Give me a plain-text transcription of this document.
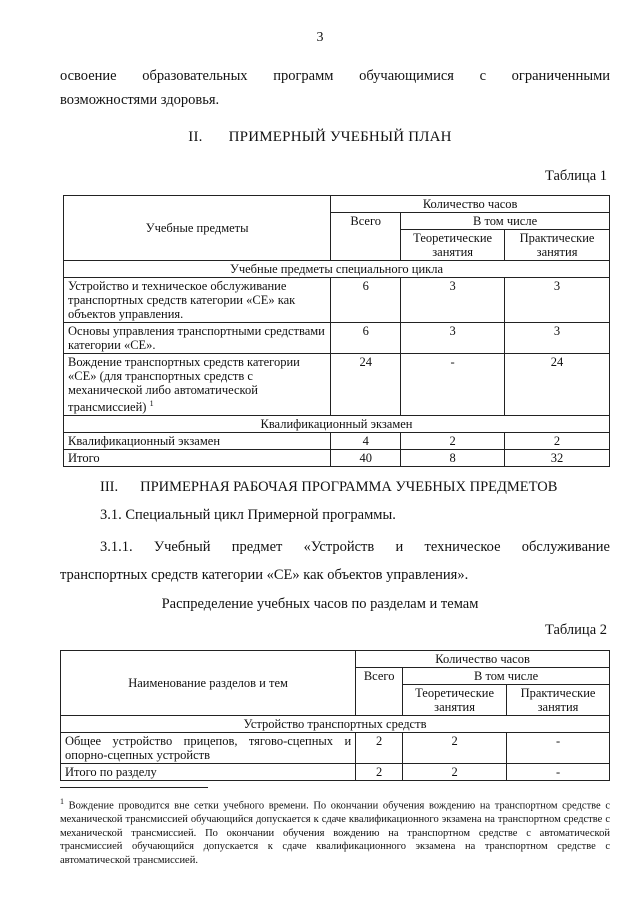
3
освоение образовательных программ обучающимися с ограниченными
возможностями здоровья.
II. ПРИМЕРНЫЙ УЧЕБНЫЙ ПЛАН
Таблица 1
Учебные предметы	Количество часов		
	Всего	В том числе	
		Теоретические занятия	Практические занятия
Учебные предметы специального цикла			
Устройство и техническое обслуживание транспортных средств категории «CE» как объектов управления.	6	3	3
Основы управления транспортными средствами категории «CE».	6	3	3
Вождение транспортных средств категории «CE» (для транспортных средств с механической либо автоматической трансмиссией) $^1$	24	-	24
Квалификационный экзамен			
Квалификационный экзамен	4	2	2
Итого	40	8	32
III. ПРИМЕРНАЯ РАБОЧАЯ ПРОГРАММА УЧЕБНЫХ ПРЕДМЕТОВ
3.1. Специальный цикл Примерной программы.
3.1.1. Учебный предмет «Устройств и техническое обслуживание
транспортных средств категории «CE» как объектов управления».
Распределение учебных часов по разделам и темам
Таблица 2
Наименование разделов и тем	Количество часов		
	Всего	В том числе	
		Теоретические занятия	Практические занятия
Устройство транспортных средств			
Общее устройство прицепов, тягово-сцепных и опорно-сцепных устройств	2	2	-
Итого по разделу	2	2	-
$^1$ Вождение проводится вне сетки учебного времени. По окончании обучения вождению на транспортном средстве с механической трансмиссией обучающийся допускается к сдаче квалификационного экзамена на транспортном средстве с механической трансмиссией. По окончании обучения вождению на транспортном средстве с автоматической трансмиссией обучающийся допускается к сдаче квалификационного экзамена на транспортном средстве с автоматической трансмиссией.
